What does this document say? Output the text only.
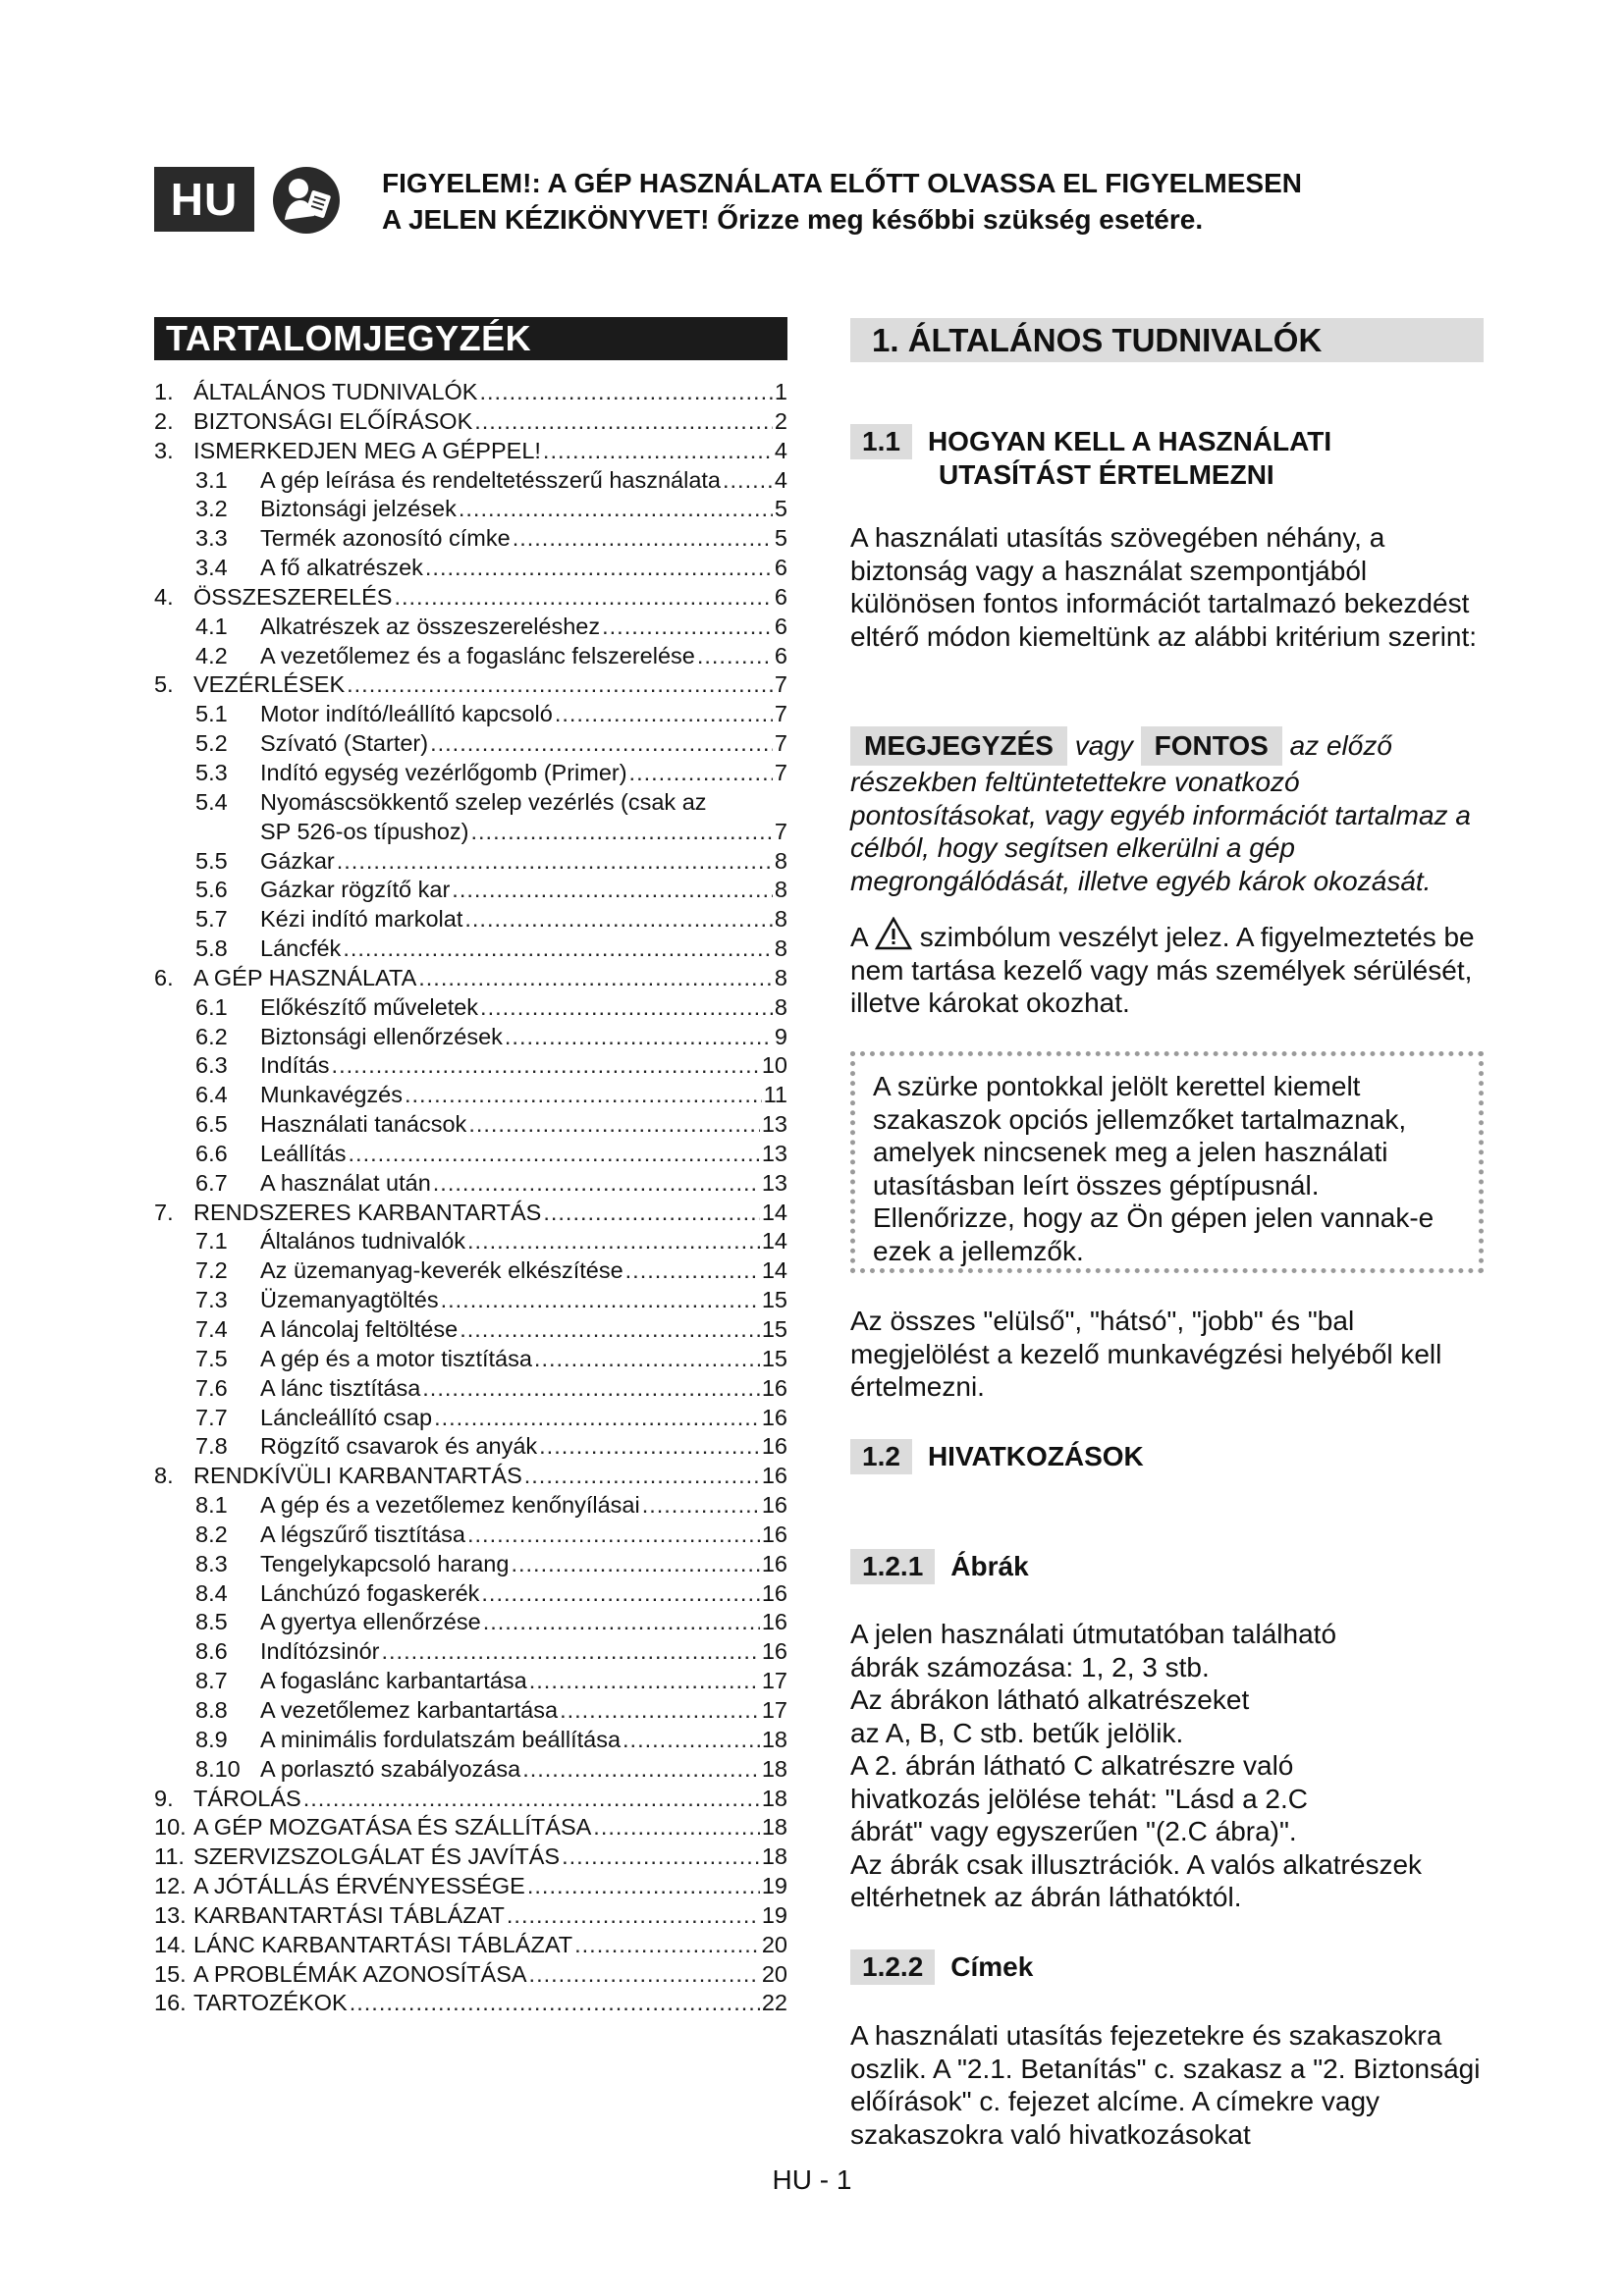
HU	FIGYELEM!: A GÉP HASZNÁLATA ELŐTT OLVASSA EL FIGYELMESEN
A JELEN KÉZIKÖNYVET! Őrizze meg későbbi szükség esetére.
TARTALOMJEGYZÉK
1. ÁLTALÁNOS TUDNIVALÓK .....	1
2. BIZTONSÁGI ELŐÍRÁSOK .....	2
3. ISMERKEDJEN MEG A GÉPPEL! .....	4
3.1	A gép leírása és rendeltetésszerű használata ..... 4
3.2	Biztonsági jelzések .....	5
3.3	Termék azonosító címke .....	5
3.4	A fő alkatrészek .....	6
4. ÖSSZESZERELÉS .....	6
4.1	Alkatrészek az összeszereléshez .....	6
4.2	A vezetőlemez és a fogaslánc felszerelése .....	6
5. VEZÉRLÉSEK .....	7
5.1	Motor indító/leállító kapcsoló .....	7
5.2	Szívató (Starter) .....	7
5.3	Indító egység vezérlőgomb (Primer) .....	7
5.4	Nyomáscsökkentő szelep vezérlés (csak az
SP 526-os típushoz) .....	7
5.5	Gázkar .....	8
5.6	Gázkar rögzítő kar .....	8
5.7	Kézi indító markolat .....	8
5.8	Láncfék .....	8
6. A GÉP HASZNÁLATA .....	8
6.1	Előkészítő műveletek .....	8
6.2	Biztonsági ellenőrzések .....	9
6.3	Indítás .....	10
6.4	Munkavégzés .....	11
6.5	Használati tanácsok .....	13
6.6	Leállítás .....	13
6.7	A használat után .....	13
7. RENDSZERES KARBANTARTÁS .....	14
7.1	Általános tudnivalók .....	14
7.2	Az üzemanyag-keverék elkészítése .....	14
7.3	Üzemanyagtöltés .....	15
7.4	A láncolaj feltöltése .....	15
7.5	A gép és a motor tisztítása .....	15
7.6	A lánc tisztítása .....	16
7.7	Láncleállító csap .....	16
7.8	Rögzítő csavarok és anyák .....	16
8. RENDKÍVÜLI KARBANTARTÁS .....	16
8.1	A gép és a vezetőlemez kenőnyílásai .....	16
8.2	A légszűrő tisztítása .....	16
8.3	Tengelykapcsoló harang .....	16
8.4	Lánchúzó fogaskerék .....	16
8.5	A gyertya ellenőrzése .....	16
8.6	Indítózsinór .....	16
8.7	A fogaslánc karbantartása .....	17
8.8	A vezetőlemez karbantartása .....	17
8.9	A minimális fordulatszám beállítása .....	18
8.10 A porlasztó szabályozása .....	18
9. TÁROLÁS .....	18
10. A GÉP MOZGATÁSA ÉS SZÁLLÍTÁSA .....	18
11. SZERVIZSZOLGÁLAT ÉS JAVÍTÁS .....	18
12. A JÓTÁLLÁS ÉRVÉNYESSÉGE .....	19
13. KARBANTARTÁSI TÁBLÁZAT .....	19
14. LÁNC KARBANTARTÁSI TÁBLÁZAT .....	20
15. A PROBLÉMÁK AZONOSÍTÁSA .....	20
16. TARTOZÉKOK .....	22
1. ÁLTALÁNOS TUDNIVALÓK
1.1 HOGYAN KELL A HASZNÁLATI
UTASÍTÁST ÉRTELMEZNI
A használati utasítás szövegében néhány, a biztonság vagy a használat szempontjából különösen fontos információt tartalmazó bekezdést eltérő módon kiemeltünk az alábbi kritérium szerint:
MEGJEGYZÉS vagy FONTOS az előző részekben feltüntetettekre vonatkozó pontosításokat, vagy egyéb információt tartalmaz a célból, hogy segítsen elkerülni a gép megrongálódását, illetve egyéb károk okozását.
A szimbólum veszélyt jelez. A figyelmeztetés be nem tartása kezelő vagy más személyek sérülését, illetve károkat okozhat.
A szürke pontokkal jelölt kerettel kiemelt szakaszok opciós jellemzőket tartalmaznak, amelyek nincsenek meg a jelen használati utasításban leírt összes géptípusnál. Ellenőrizze, hogy az Ön gépen jelen vannak-e ezek a jellemzők.
Az összes "elülső", "hátsó", "jobb" és "bal megjelölést a kezelő munkavégzési helyéből kell értelmezni.
1.2 HIVATKOZÁSOK
1.2.1 Ábrák
A jelen használati útmutatóban található
ábrák számozása: 1, 2, 3 stb.
Az ábrákon látható alkatrészeket
az A, B, C stb. betűk jelölik.
A 2. ábrán látható C alkatrészre való
hivatkozás jelölése tehát: "Lásd a 2.C
ábrát" vagy egyszerűen "(2.C ábra)".
Az ábrák csak illusztrációk. A valós alkatrészek
eltérhetnek az ábrán láthatóktól.
1.2.2 Címek
A használati utasítás fejezetekre és szakaszokra oszlik. A "2.1. Betanítás" c. szakasz a "2. Biztonsági előírások" c. fejezet alcíme. A címekre vagy szakaszokra való hivatkozásokat
HU - 1
